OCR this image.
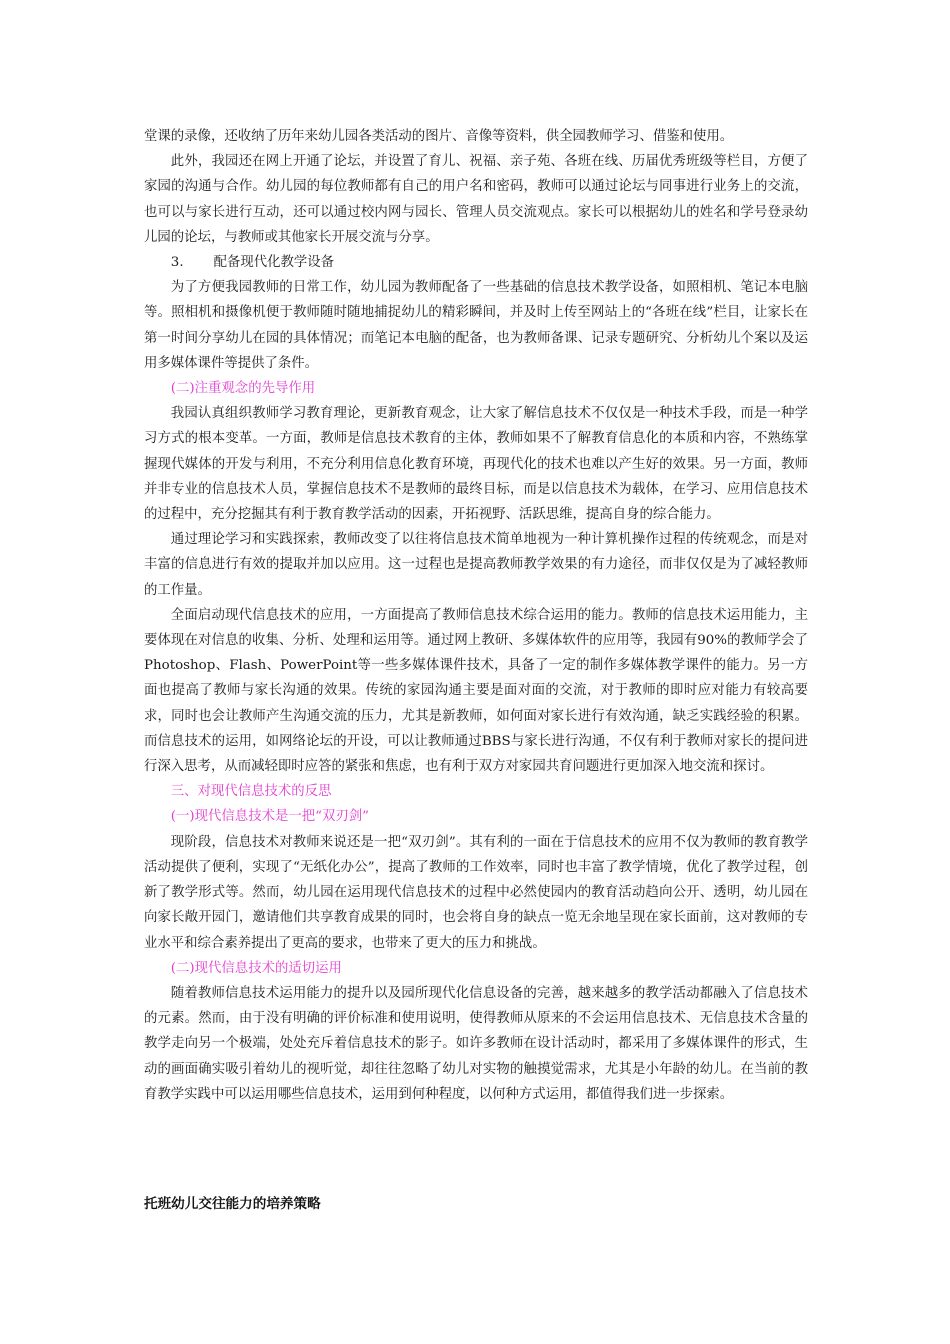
堂课的录像，还收纳了历年来幼儿园各类活动的图片、音像等资料，供全园教师学习、借鉴和使用。

此外，我园还在网上开通了论坛，并设置了育儿、祝福、亲子苑、各班在线、历届优秀班级等栏目，方便了家园的沟通与合作。幼儿园的每位教师都有自己的用户名和密码，教师可以通过论坛与同事进行业务上的交流，也可以与家长进行互动，还可以通过校内网与园长、管理人员交流观点。家长可以根据幼儿的姓名和学号登录幼儿园的论坛，与教师或其他家长开展交流与分享。

3. 配备现代化教学设备

为了方便我园教师的日常工作，幼儿园为教师配备了一些基础的信息技术教学设备，如照相机、笔记本电脑等。照相机和摄像机便于教师随时随地捕捉幼儿的精彩瞬间，并及时上传至网站上的“各班在线”栏目，让家长在第一时间分享幼儿在园的具体情况；而笔记本电脑的配备，也为教师备课、记录专题研究、分析幼儿个案以及运用多媒体课件等提供了条件。

(二)注重观念的先导作用

我园认真组织教师学习教育理论，更新教育观念，让大家了解信息技术不仅仅是一种技术手段，而是一种学习方式的根本变革。一方面，教师是信息技术教育的主体，教师如果不了解教育信息化的本质和内容，不熟练掌握现代媒体的开发与利用，不充分利用信息化教育环境，再现代化的技术也难以产生好的效果。另一方面，教师并非专业的信息技术人员，掌握信息技术不是教师的最终目标，而是以信息技术为载体，在学习、应用信息技术的过程中，充分挖掘其有利于教育教学活动的因素，开拓视野、活跃思维，提高自身的综合能力。

通过理论学习和实践探索，教师改变了以往将信息技术简单地视为一种计算机操作过程的传统观念，而是对丰富的信息进行有效的提取并加以应用。这一过程也是提高教师教学效果的有力途径，而非仅仅是为了减轻教师的工作量。

全面启动现代信息技术的应用，一方面提高了教师信息技术综合运用的能力。教师的信息技术运用能力，主要体现在对信息的收集、分析、处理和运用等。通过网上教研、多媒体软件的应用等，我园有90%的教师学会了Photoshop、Flash、PowerPoint等一些多媒体课件技术，具备了一定的制作多媒体教学课件的能力。另一方面也提高了教师与家长沟通的效果。传统的家园沟通主要是面对面的交流，对于教师的即时应对能力有较高要求，同时也会让教师产生沟通交流的压力，尤其是新教师，如何面对家长进行有效沟通，缺乏实践经验的积累。而信息技术的运用，如网络论坛的开设，可以让教师通过BBS与家长进行沟通，不仅有利于教师对家长的提问进行深入思考，从而减轻即时应答的紧张和焦虑，也有利于双方对家园共育问题进行更加深入地交流和探讨。

三、对现代信息技术的反思

(一)现代信息技术是一把“双刃剑”

现阶段，信息技术对教师来说还是一把“双刃剑”。其有利的一面在于信息技术的应用不仅为教师的教育教学活动提供了便利，实现了“无纸化办公”，提高了教师的工作效率，同时也丰富了教学情境，优化了教学过程，创新了教学形式等。然而，幼儿园在运用现代信息技术的过程中必然使园内的教育活动趋向公开、透明，幼儿园在向家长敞开园门，邀请他们共享教育成果的同时，也会将自身的缺点一览无余地呈现在家长面前，这对教师的专业水平和综合素养提出了更高的要求，也带来了更大的压力和挑战。

(二)现代信息技术的适切运用

随着教师信息技术运用能力的提升以及园所现代化信息设备的完善，越来越多的教学活动都融入了信息技术的元素。然而，由于没有明确的评价标准和使用说明，使得教师从原来的不会运用信息技术、无信息技术含量的教学走向另一个极端，处处充斥着信息技术的影子。如许多教师在设计活动时，都采用了多媒体课件的形式，生动的画面确实吸引着幼儿的视听觉，却往往忽略了幼儿对实物的触摸觉需求，尤其是小年龄的幼儿。在当前的教育教学实践中可以运用哪些信息技术，运用到何种程度，以何种方式运用，都值得我们进一步探索。

托班幼儿交往能力的培养策略
